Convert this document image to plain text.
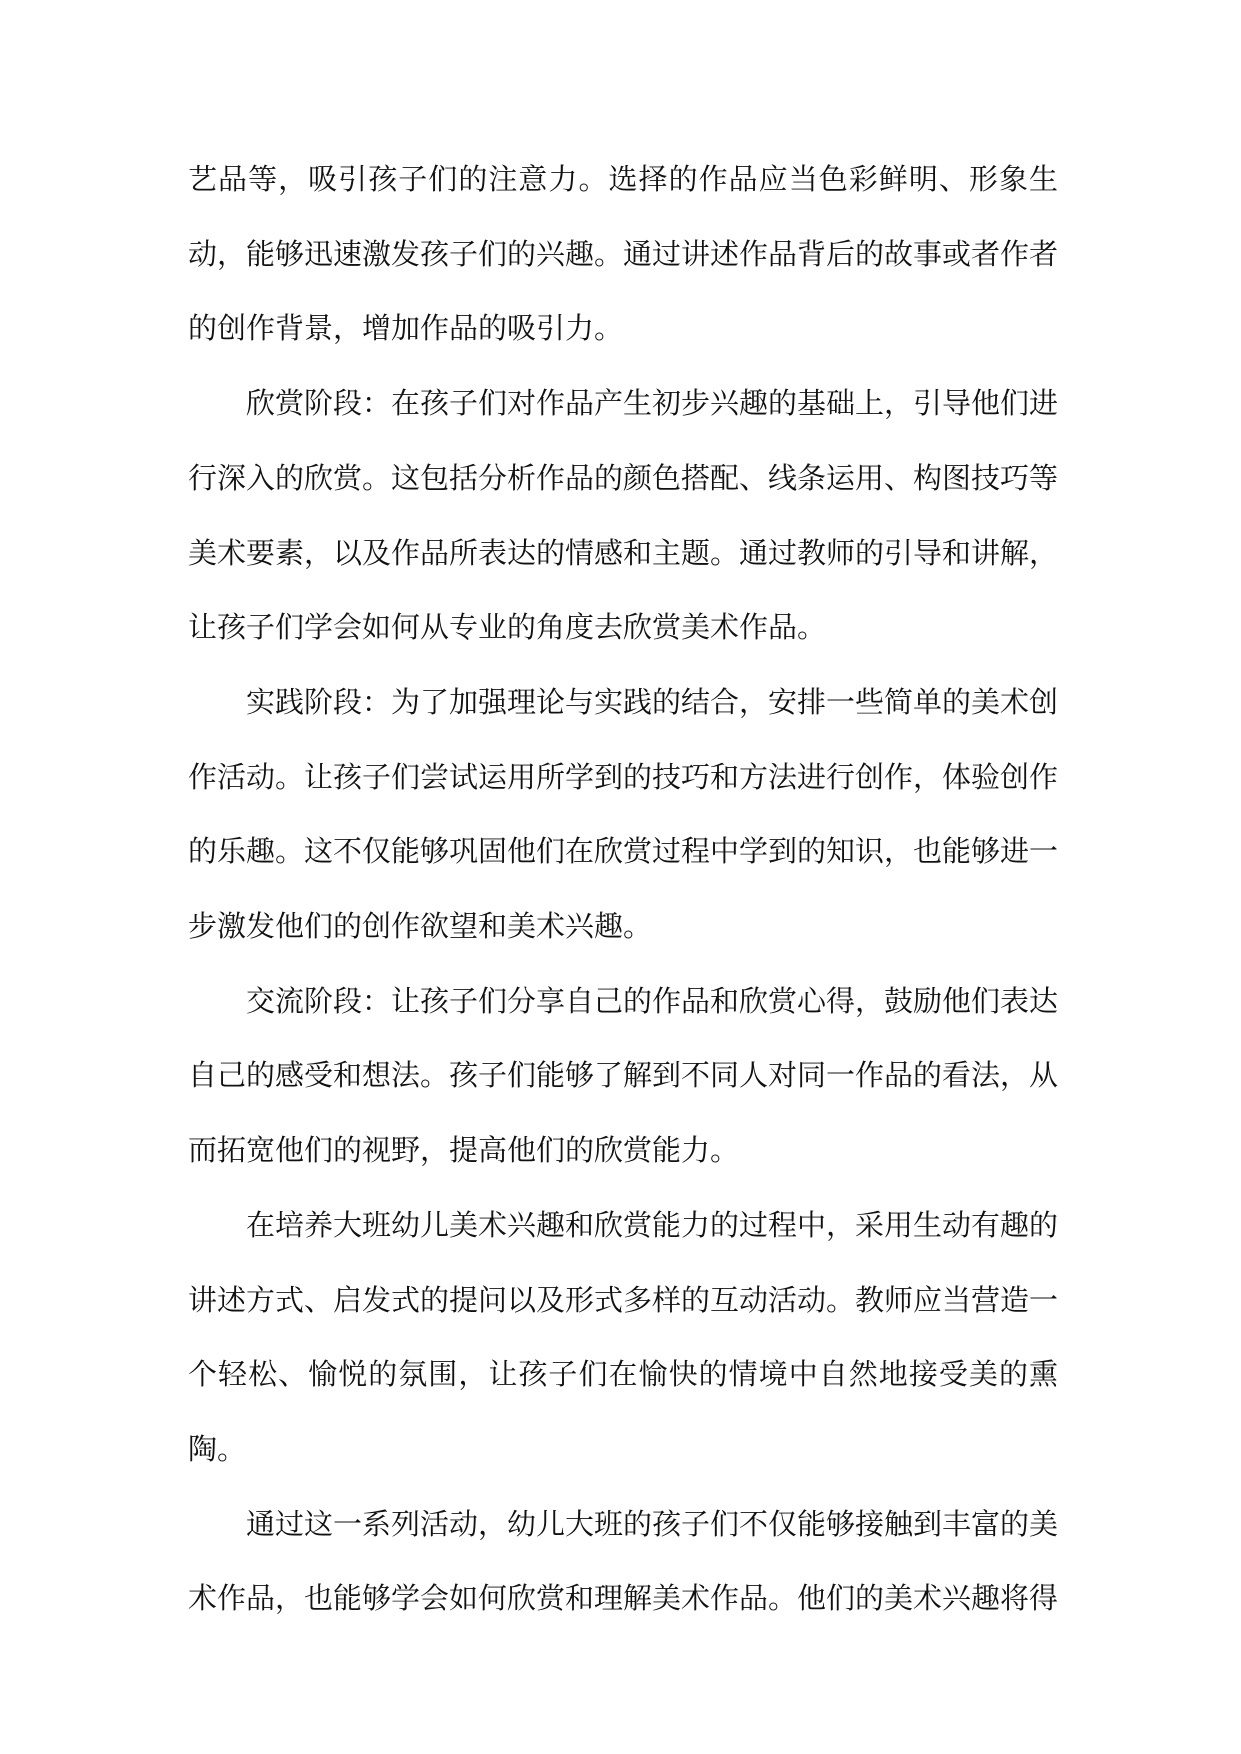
艺品等，吸引孩子们的注意力。选择的作品应当色彩鲜明、形象生动，能够迅速激发孩子们的兴趣。通过讲述作品背后的故事或者作者的创作背景，增加作品的吸引力。

欣赏阶段：在孩子们对作品产生初步兴趣的基础上，引导他们进行深入的欣赏。这包括分析作品的颜色搭配、线条运用、构图技巧等美术要素，以及作品所表达的情感和主题。通过教师的引导和讲解，让孩子们学会如何从专业的角度去欣赏美术作品。

实践阶段：为了加强理论与实践的结合，安排一些简单的美术创作活动。让孩子们尝试运用所学到的技巧和方法进行创作，体验创作的乐趣。这不仅能够巩固他们在欣赏过程中学到的知识，也能够进一步激发他们的创作欲望和美术兴趣。

交流阶段：让孩子们分享自己的作品和欣赏心得，鼓励他们表达自己的感受和想法。孩子们能够了解到不同人对同一作品的看法，从而拓宽他们的视野，提高他们的欣赏能力。

在培养大班幼儿美术兴趣和欣赏能力的过程中，采用生动有趣的讲述方式、启发式的提问以及形式多样的互动活动。教师应当营造一个轻松、愉悦的氛围，让孩子们在愉快的情境中自然地接受美的熏陶。

通过这一系列活动，幼儿大班的孩子们不仅能够接触到丰富的美术作品，也能够学会如何欣赏和理解美术作品。他们的美术兴趣将得
